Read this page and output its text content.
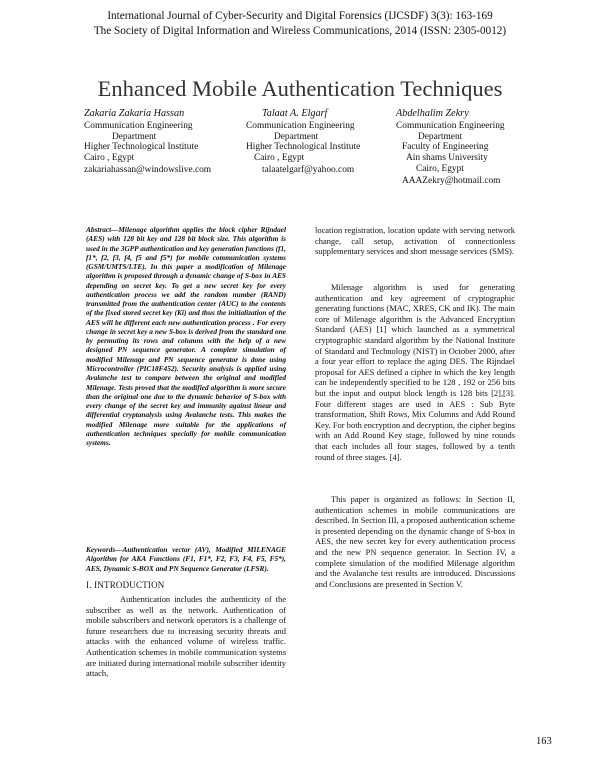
International Journal of Cyber-Security and Digital Forensics (IJCSDF) 3(3): 163-169
The Society of Digital Information and Wireless Communications, 2014 (ISSN: 2305-0012)
Enhanced Mobile Authentication Techniques
Zakaria Zakaria Hassan
Communication Engineering
Department
Higher Technological Institute
Cairo , Egypt
zakariahassan@windowslive.com
Talaat A. Elgarf
Communication Engineering
Department
Higher Technological Institute
Cairo , Egypt
talaatelgarf@yahoo.com
Abdelhalim Zekry
Communication Engineering
Department
Faculty of Engineering
Ain shams University
Cairo, Egypt
AAAZekry@hotmail.com
Abstract—Milenage algorithm applies the block cipher Rijndael (AES) with 128 bit key and 128 bit block size. This algorithm is used in the 3GPP authentication and key generation functions (f1, f1*, f2, f3, f4, f5 and f5*) for mobile communication systems (GSM/UMTS/LTE). In this paper a modification of Milenage algorithm is proposed through a dynamic change of S-box in AES depending on secret key. To get a new secret key for every authentication process we add the random number (RAND) transmitted from the authentication center (AUC) to the contents of the fixed stored secret key (Ki) and thus the initialization of the AES will be different each new authentication process . For every change in secret key a new S-box is derived from the standard one by permuting its rows and columns with the help of a new designed PN sequence generator. A complete simulation of modified Milenage and PN sequence generator is done using Microcontroller (PIC18F452). Security analysis is applied using Avalanche test to compare between the original and modified Milenage. Tests proved that the modified algorithm is more secure than the original one due to the dynamic behavior of S-box with every change of the secret key and immunity against linear and differential cryptanalysis using Avalanche tests. This makes the modified Milenage more suitable for the applications of authentication techniques specially for mobile communication systems.
Keywords—Authentication vector (AV), Modified MILENAGE Algorithm for AKA Functions (F1, F1*, F2, F3, F4, F5, F5*), AES, Dynamic S-BOX and PN Sequence Generator (LFSR).
I. INTRODUCTION
Authentication includes the authenticity of the subscriber as well as the network. Authentication of mobile subscribers and network operators is a challenge of future researchers due to increasing security threats and attacks with the enhanced volume of wireless traffic. Authentication schemes in mobile communication systems are initiated during international mobile subscriber identity attach,
location registration, location update with serving network change, call setup, activation of connectionless supplementary services and short message services (SMS).
Milenage algorithm is used for generating authentication and key agreement of cryptographic generating functions (MAC, XRES, CK and IK). The main core of Milenage algorithm is the Advanced Encryption Standard (AES) [1] which launched as a symmetrical cryptographic standard algorithm by the National Institute of Standard and Technology (NIST) in October 2000, after a four year effort to replace the aging DES. The Rijndael proposal for AES defined a cipher in which the key length can be independently specified to be 128 , 192 or 256 bits but the input and output block length is 128 bits [2],[3]. Four different stages are used in AES : Sub Byte transformation, Shift Rows, Mix Columns and Add Round Key. For both encryption and decryption, the cipher begins with an Add Round Key stage, followed by nine rounds that each includes all four stages, followed by a tenth round of three stages. [4].
This paper is organized as follows: In Section II, authentication schemes in mobile communications are described. In Section III, a proposed authentication scheme is presented depending on the dynamic change of S-box in AES, the new secret key for every authentication process and the new PN sequence generator. In Section IV, a complete simulation of the modified Milenage algorithm and the Avalanche test results are introduced. Discussions and Conclusions are presented in Section V.
163
